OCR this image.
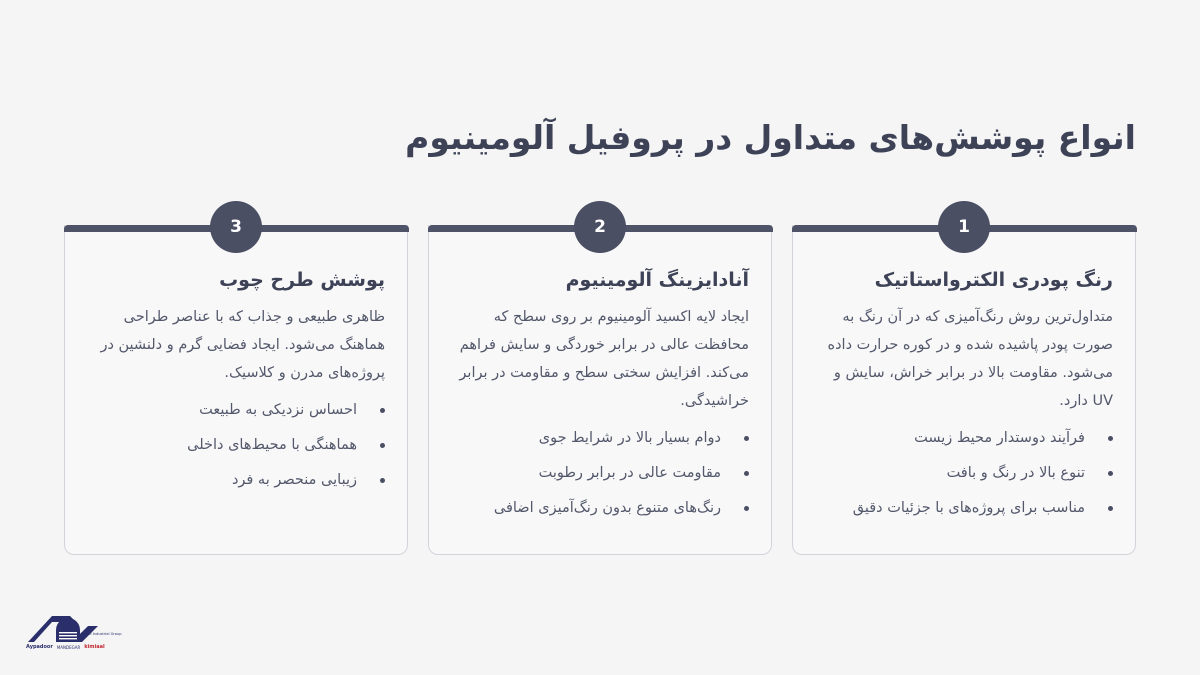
انواع پوشش‌های متداول در پروفیل آلومینیوم
1
رنگ پودری الکترواستاتیک

متداول‌ترین روش رنگ‌آمیزی که در آن رنگ به صورت پودر پاشیده شده و در کوره حرارت داده می‌شود. مقاومت بالا در برابر خراش، سایش و UV دارد.

فرآیند دوستدار محیط زیست
تنوع بالا در رنگ و بافت
مناسب برای پروژه‌های با جزئیات دقیق
2
آنادایزینگ آلومینیوم

ایجاد لایه اکسید آلومینیوم بر روی سطح که محافظت عالی در برابر خوردگی و سایش فراهم می‌کند. افزایش سختی سطح و مقاومت در برابر خراشیدگی.

دوام بسیار بالا در شرایط جوی
مقاومت عالی در برابر رطوبت
رنگ‌های متنوع بدون رنگ‌آمیزی اضافی
3
پوشش طرح چوب

ظاهری طبیعی و جذاب که با عناصر طراحی هماهنگ می‌شود. ایجاد فضایی گرم و دلنشین در پروژه‌های مدرن و کلاسیک.

احساس نزدیکی به طبیعت
هماهنگی با محیط‌های داخلی
زیبایی منحصر به فرد
Hakimi Industrial Group
Aypadoor MANDEGAR kimiaal
